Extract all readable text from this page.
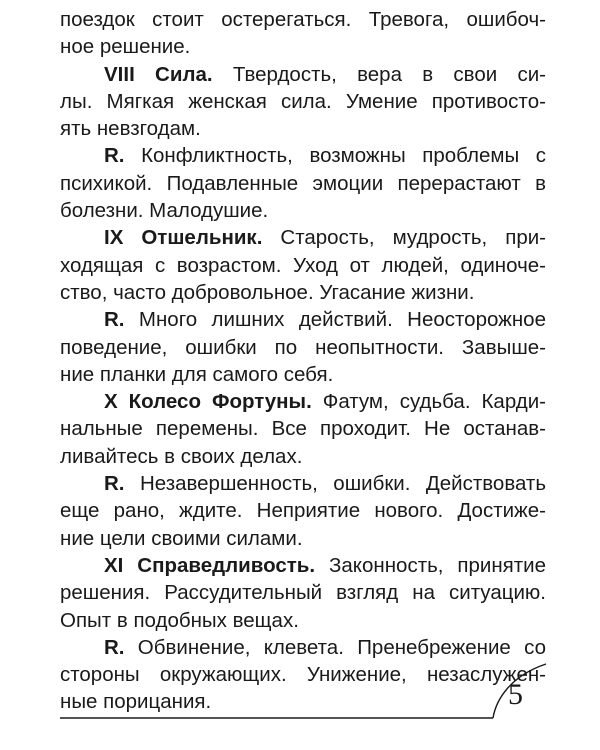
поездок стоит остерегаться. Тревога, ошибоч-
ное решение.
VIII Сила. Твердость, вера в свои си-
лы. Мягкая женская сила. Умение противостo-
ять невзгодам.
R. Конфликтность, возможны проблемы с
психикой. Подавленные эмоции перерастают в
болезни. Малодушие.
IX Отшельник. Старость, мудрость, при-
ходящая с возрастом. Уход от людей, одиноче-
ство, часто добровольное. Угасание жизни.
R. Много лишних действий. Неосторожное
поведение, ошибки по неопытности. Завыше-
ние планки для самого себя.
X Колесо Фортуны. Фатум, судьба. Карди-
нальные перемены. Все проходит. Не останав-
ливайтесь в своих делах.
R. Незавершенность, ошибки. Действовать
еще рано, ждите. Неприятие нового. Достиже-
ние цели своими силами.
XI Справедливость. Законность, принятие
решения. Рассудительный взгляд на ситуацию.
Опыт в подобных вещах.
R. Обвинение, клевета. Пренебрежение со
стороны окружающих. Унижение, незаслужен-
ные порицания.	5
